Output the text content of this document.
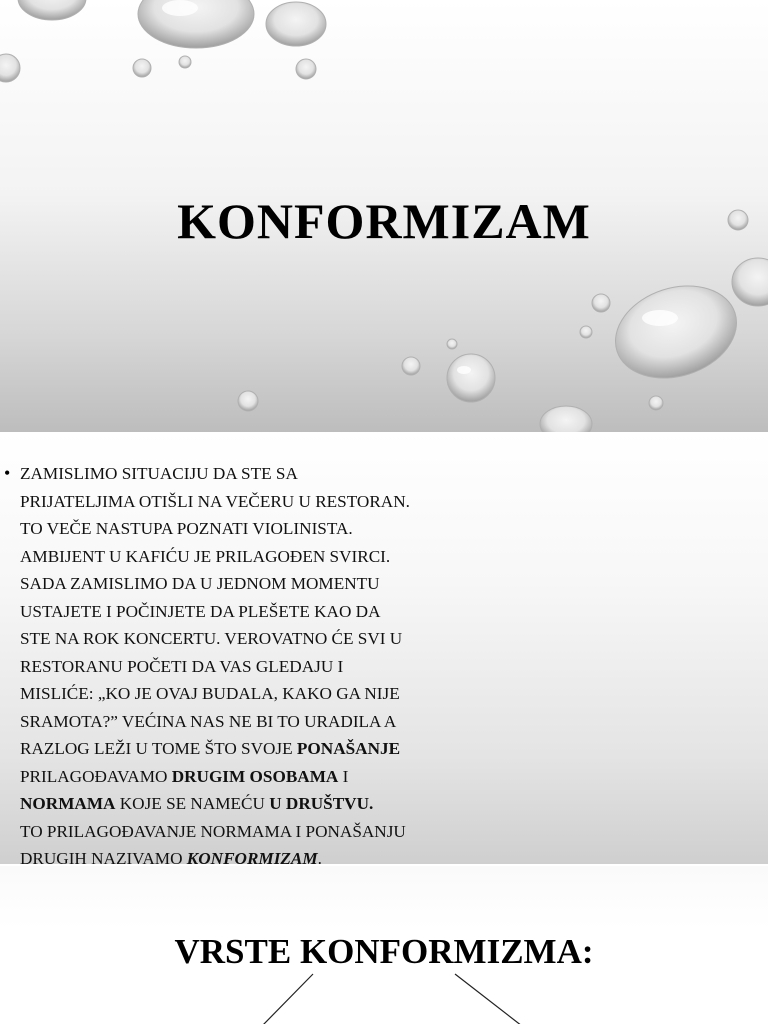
KONFORMIZAM
• ZAMISLIMO SITUACIJU DA STE SA
PRIJATELJIMA OTIŠLI NA VEČERU U RESTORAN.
TO VEČE NASTUPA POZNATI VIOLINISTA.
AMBIJENT U KAFIĆU JE PRILAGOĐEN SVIRCI.
SADA ZAMISLIMO DA U JEDNOM MOMENTU
USTAJETE I POČINJETE DA PLEŠETE KAO DA
STE NA ROK KONCERTU. VEROVATNO ĆE SVI U
RESTORANU POČETI DA VAS GLEDAJU I
MISLIĆE: „KO JE OVAJ BUDALA, KAKO GA NIJE
SRAMOTA?” VEĆINA NAS NE BI TO URADILA A
RAZLOG LEŽI U TOME ŠTO SVOJE PONAŠANJE
PRILAGOĐAVAMO DRUGIM OSOBAMA I
NORMAMA KOJE SE NAMEĆU U DRUŠTVU.
TO PRILAGOĐAVANJE NORMAMA I PONAŠANJU
DRUGIH NAZIVAMO KONFORMIZAM.

VRSTE KONFORMIZMA:
